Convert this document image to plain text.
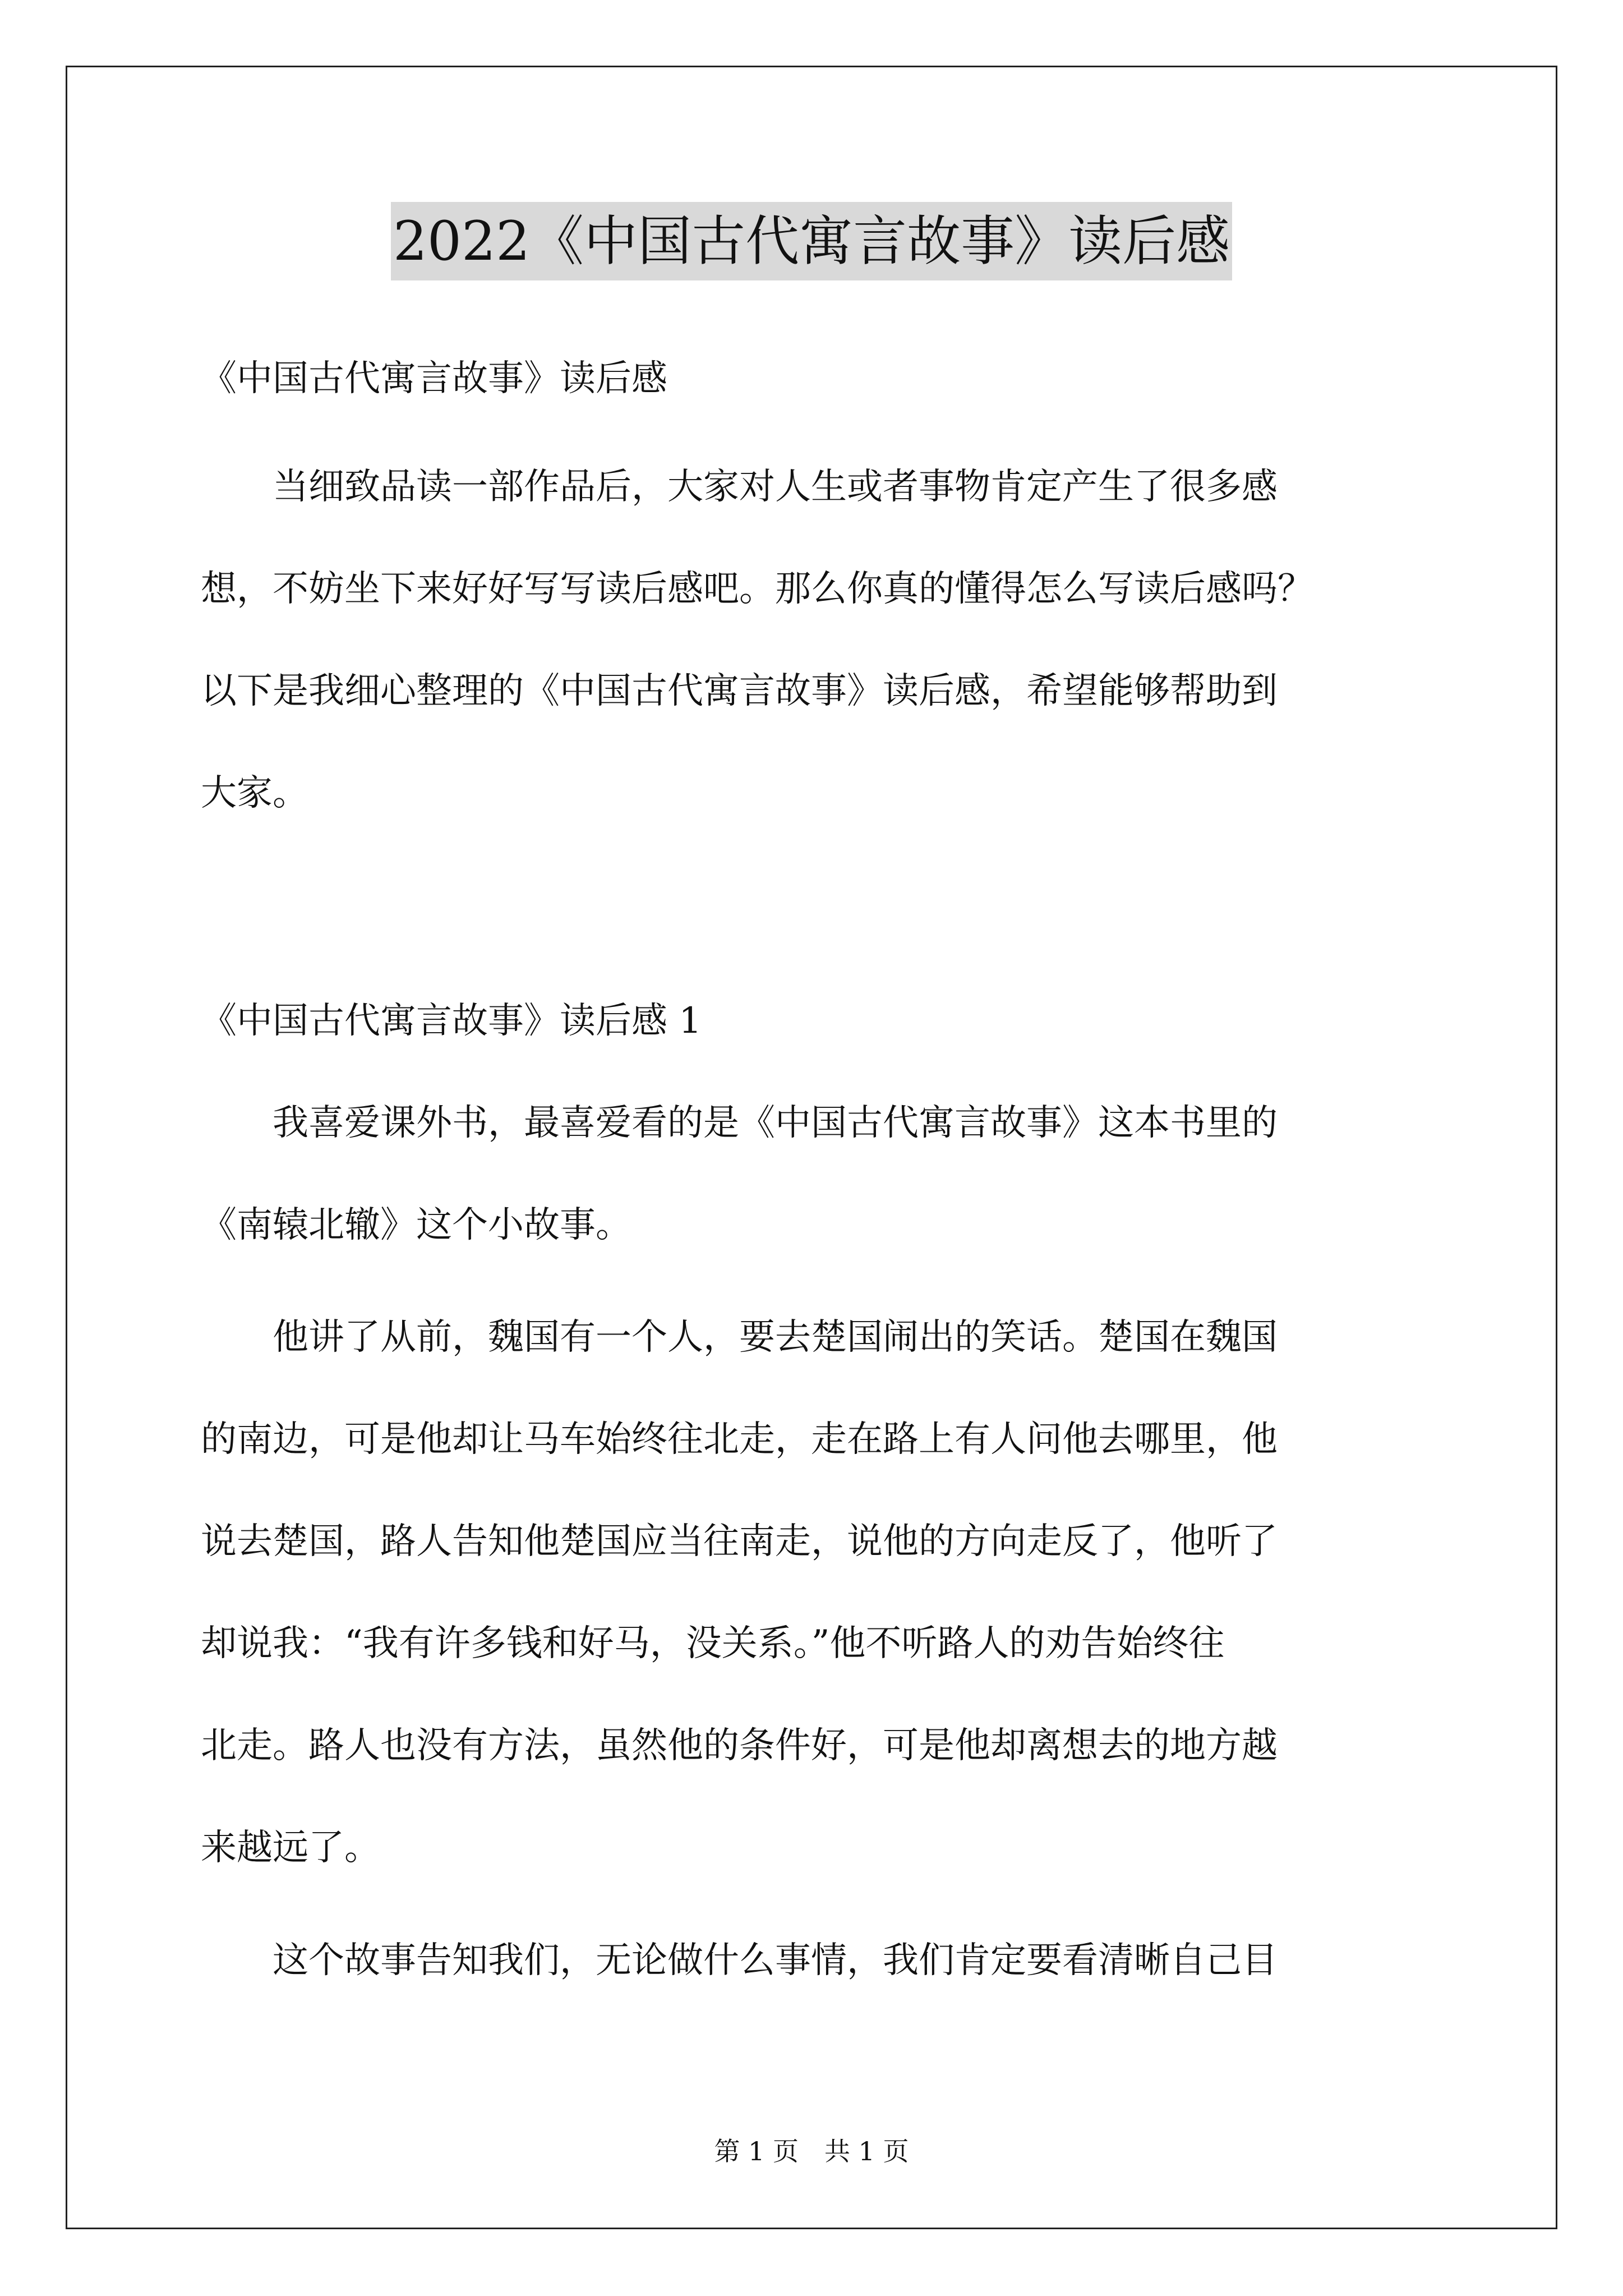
2022《中国古代寓言故事》读后感
《中国古代寓言故事》读后感
　　当细致品读一部作品后，大家对人生或者事物肯定产生了很多感
想，不妨坐下来好好写写读后感吧。那么你真的懂得怎么写读后感吗？
以下是我细心整理的《中国古代寓言故事》读后感，希望能够帮助到
大家。
《中国古代寓言故事》读后感 1
　　我喜爱课外书，最喜爱看的是《中国古代寓言故事》这本书里的
《南辕北辙》这个小故事。
　　他讲了从前，魏国有一个人，要去楚国闹出的笑话。楚国在魏国
的南边，可是他却让马车始终往北走，走在路上有人问他去哪里，他
说去楚国，路人告知他楚国应当往南走，说他的方向走反了，他听了
却说我：“我有许多钱和好马，没关系。”他不听路人的劝告始终往
北走。路人也没有方法，虽然他的条件好，可是他却离想去的地方越
来越远了。
　　这个故事告知我们，无论做什么事情，我们肯定要看清晰自己目
第 1 页　共 1 页
